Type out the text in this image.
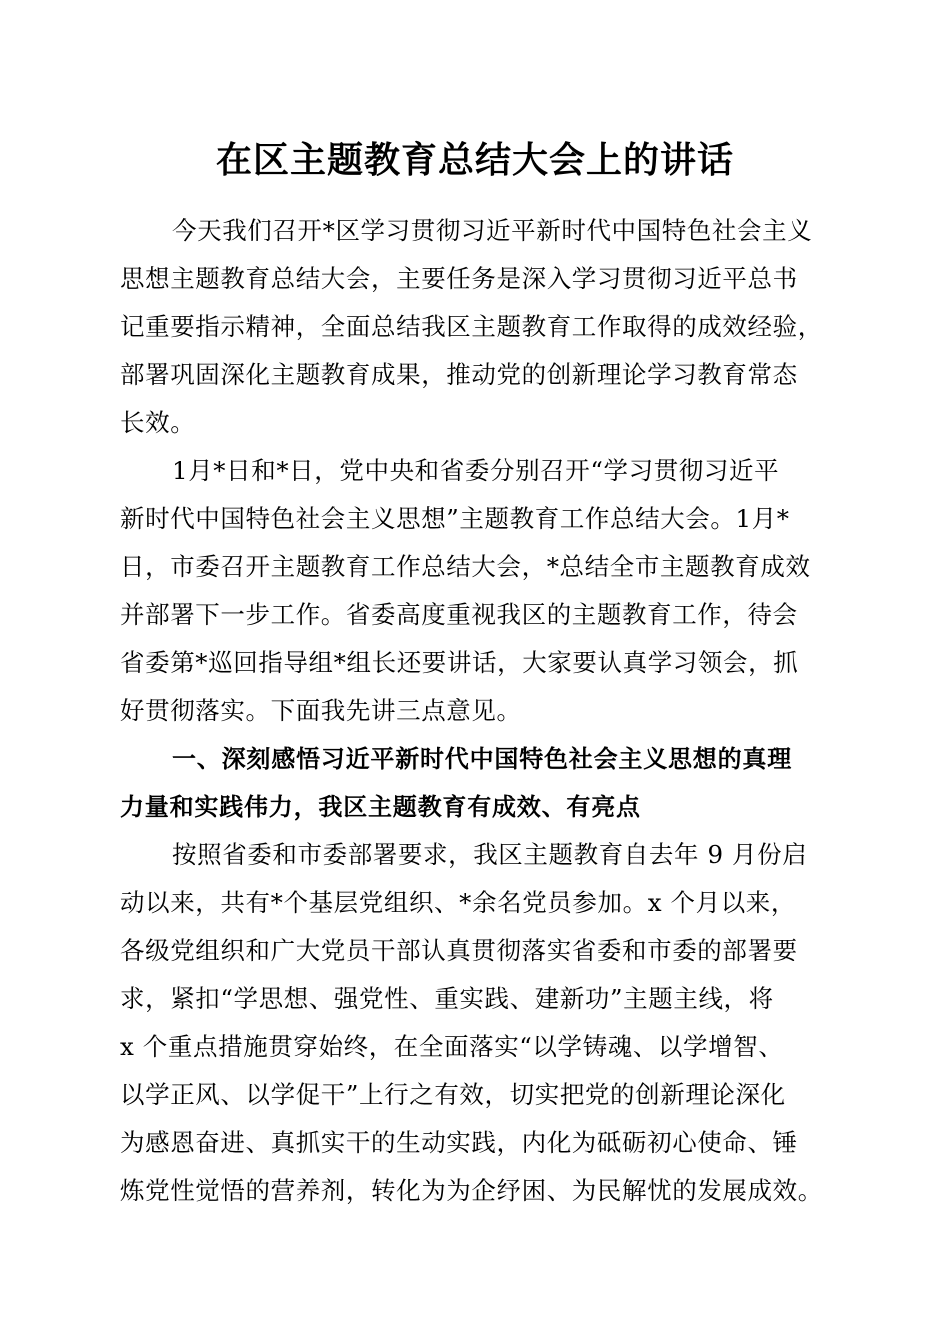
在区主题教育总结大会上的讲话
今天我们召开*区学习贯彻习近平新时代中国特色社会主义
思想主题教育总结大会，主要任务是深入学习贯彻习近平总书
记重要指示精神，全面总结我区主题教育工作取得的成效经验，
部署巩固深化主题教育成果，推动党的创新理论学习教育常态
长效。
1月*日和*日，党中央和省委分别召开“学习贯彻习近平
新时代中国特色社会主义思想”主题教育工作总结大会。1月*
日，市委召开主题教育工作总结大会，*总结全市主题教育成效
并部署下一步工作。省委高度重视我区的主题教育工作，待会
省委第*巡回指导组*组长还要讲话，大家要认真学习领会，抓
好贯彻落实。下面我先讲三点意见。
一、深刻感悟习近平新时代中国特色社会主义思想的真理
力量和实践伟力，我区主题教育有成效、有亮点
按照省委和市委部署要求，我区主题教育自去年 9 月份启
动以来，共有*个基层党组织、*余名党员参加。x 个月以来，
各级党组织和广大党员干部认真贯彻落实省委和市委的部署要
求，紧扣“学思想、强党性、重实践、建新功”主题主线，将
x 个重点措施贯穿始终，在全面落实“以学铸魂、以学增智、
以学正风、以学促干”上行之有效，切实把党的创新理论深化
为感恩奋进、真抓实干的生动实践，内化为砥砺初心使命、锤
炼党性觉悟的营养剂，转化为为企纾困、为民解忧的发展成效。
